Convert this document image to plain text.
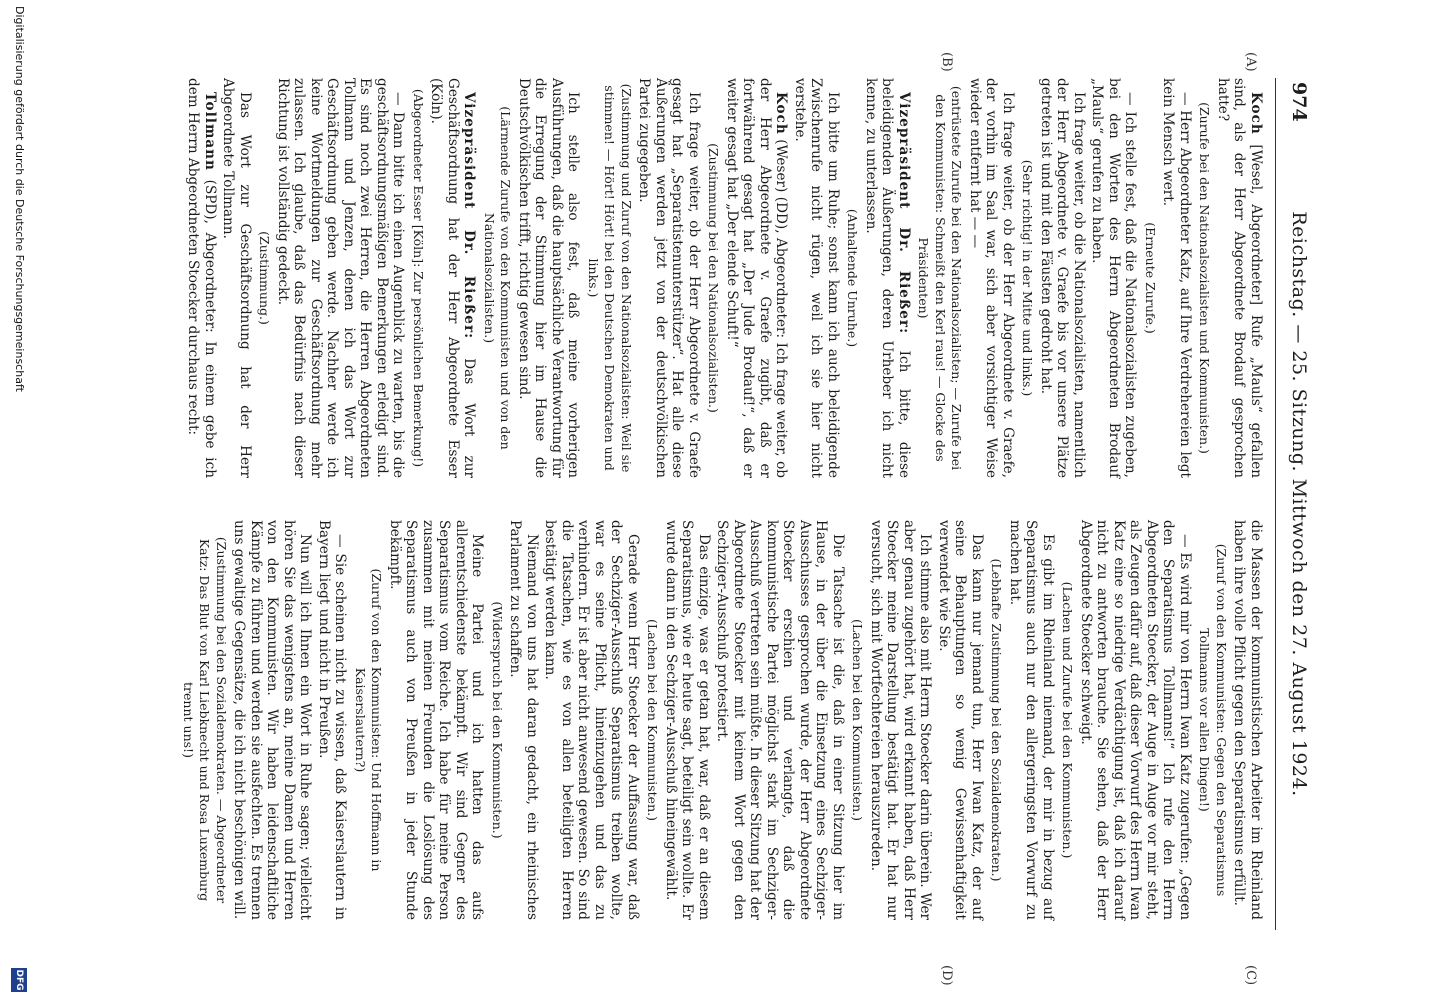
974
Reichstag. — 25. Sitzung. Mittwoch den 27. August 1924.
(A)
(B)
(C)
(D)

Koch [Wesel, Abgeordneter] Rufe „Mauls“ gefallen sind, als der Herr Abgeordnete Brodauf gesprochen hatte?

(Zurufe bei den Nationalsozialisten und Kommunisten.)

— Herr Abgeordneter Katz, auf Ihre Verdrehereien legt kein Mensch wert.

(Erneute Zurufe.)

— Ich stelle fest, daß die Nationalsozialisten zugeben, bei den Worten des Herrn Abgeordneten Brodauf „Mauls“ gerufen zu haben.

Ich frage weiter, ob die Nationalsozialisten, namentlich der Herr Abgeordnete v. Graefe bis vor unsere Plätze getreten ist und mit den Fäusten gedroht hat.

(Sehr richtig! in der Mitte und links.)

Ich frage weiter, ob der Herr Abgeordnete v. Graefe, der vorhin im Saal war, sich aber vorsichtiger Weise wieder entfernt hat — —

(entrüstete Zurufe bei den Nationalsozialisten; — Zurufe bei den Kommunisten: Schmeißt den Kerl raus! — Glocke des Präsidenten)

Vizepräsident Dr. Rießer: Ich bitte, diese beleidigenden Äußerungen, deren Urheber ich nicht kenne, zu unterlassen.

(Anhaltende Unruhe.)

Ich bitte um Ruhe; sonst kann ich auch beleidigende Zwischenrufe nicht rügen, weil ich sie hier nicht verstehe.

Koch (Weser) (DD), Abgeordneter: Ich frage weiter, ob der Herr Abgeordnete v. Graefe zugibt, daß er fortwährend gesagt hat „Der Jude Brodauf!“, daß er weiter gesagt hat „Der elende Schuft!“

(Zustimmung bei den Nationalsozialisten.)

Ich frage weiter, ob der Herr Abgeordnete v. Graefe gesagt hat „Separatistenunterstützer“. Hat alle diese Äußerungen werden jetzt von der deutschvölkischen Partei zugegeben.

(Zustimmung und Zuruf von den Nationalsozialisten: Weil sie stimmen! — Hört! Hört! bei den Deutschen Demokraten und links.)

Ich stelle also fest, daß meine vorherigen Ausführungen, daß die hauptsächliche Verantwortung für die Erregung der Stimmung hier im Hause die Deutschvölkischen trifft, richtig gewesen sind.

(Lärmende Zurufe von den Kommunisten und von den Nationalsozialisten.)

Vizepräsident Dr. Rießer: Das Wort zur Geschäftsordnung hat der Herr Abgeordnete Esser (Köln).

(Abgeordneter Esser [Köln]: Zur persönlichen Bemerkung!)

— Dann bitte ich einen Augenblick zu warten, bis die geschäftsordnungsmäßigen Bemerkungen erledigt sind. Es sind noch zwei Herren, die Herren Abgeordneten Tollmann und Jenzen, denen ich das Wort zur Geschäftsordnung geben werde. Nachher werde ich keine Wortmeldungen zur Geschäftsordnung mehr zulassen. Ich glaube, daß das Bedürfnis nach dieser Richtung ist vollständig gedeckt.

(Zustimmung.)

Das Wort zur Geschäftsordnung hat der Herr Abgeordnete Tollmann.

Tollmann (SPD), Abgeordneter: In einem gebe ich dem Herrn Abgeordneten Stoecker durchaus recht:

die Massen der kommunistischen Arbeiter im Rheinland haben ihre volle Pflicht gegen den Separatismus erfüllt.

(Zuruf von den Kommunisten: Gegen den Separatismus Tollmanns vor allen Dingen!)

— Es wird mir von Herrn Iwan Katz zugerufen: „Gegen den Separatismus Tollmanns!“ Ich rufe den Herrn Abgeordneten Stoecker, der Auge in Auge vor mir steht, als Zeugen dafür auf, daß dieser Vorwurf des Herrn Iwan Katz eine so niedrige Verdächtigung ist, daß ich darauf nicht zu antworten brauche. Sie sehen, daß der Herr Abgeordnete Stoecker schweigt.

(Lachen und Zurufe bei den Kommunisten.)

Es gibt im Rheinland niemand, der mir in bezug auf Separatismus auch nur den allergeringsten Vorwurf zu machen hat.

(Lebhafte Zustimmung bei den Sozialdemokraten.)

Das kann nur jemand tun, Herr Iwan Katz, der auf seine Behauptungen so wenig Gewissenhaftigkeit verwendet wie Sie.

Ich stimme also mit Herrn Stoecker darin überein. Wer aber genau zugehört hat, wird erkannt haben, daß Herr Stoecker meine Darstellung bestätigt hat. Er hat nur versucht, sich mit Wortfechtereien herauszureden.

(Lachen bei den Kommunisten.)

Die Tatsache ist die, daß in einer Sitzung hier im Hause, in der über die Einsetzung eines Sechziger-Ausschusses gesprochen wurde, der Herr Abgeordnete Stoecker erschien und verlangte, daß die kommunistische Partei möglichst stark im Sechziger-Ausschuß vertreten sein müßte. In dieser Sitzung hat der Abgeordnete Stoecker mit keinem Wort gegen den Sechziger-Ausschuß protestiert.

Das einzige, was er getan hat, war, daß er an diesem Separatismus, wie er heute sagt, beteiligt sein wollte. Er wurde dann in den Sechziger-Ausschuß hineingewählt.

(Lachen bei den Kommunisten.)

Gerade wenn Herr Stoecker der Auffassung war, daß der Sechziger-Ausschuß Separatismus treiben wollte, war es seine Pflicht, hineinzugehen und das zu verhindern. Er ist aber nicht anwesend gewesen. So sind die Tatsachen, wie es von allen beteiligten Herren bestätigt werden kann.

Niemand von uns hat daran gedacht, ein rheinisches Parlament zu schaffen.

(Widerspruch bei den Kommunisten.)

Meine Partei und ich hatten das aufs allerentschiedenste bekämpft. Wir sind Gegner des Separatismus vom Reiche. Ich habe für meine Person zusammen mit meinen Freunden die Loslösung des Separatismus auch von Preußen in jeder Stunde bekämpft.

(Zuruf von den Kommunisten: Und Hoffmann in Kaiserslautern?)

— Sie scheinen nicht zu wissen, daß Kaiserslautern in Bayern liegt und nicht in Preußen.

Nun will ich Ihnen ein Wort in Ruhe sagen; vielleicht hören Sie das wenigstens an, meine Damen und Herren von den Kommunisten. Wir haben leidenschaftliche Kämpfe zu führen und werden sie ausfechten. Es trennen uns gewaltige Gegensätze, die ich nicht beschönigen will.

(Zustimmung bei den Sozialdemokraten. — Abgeordneter Katz: Das Blut von Karl Liebknecht und Rosa Luxemburg trennt uns!)

Digitalisierung gefördert durch die Deutsche Forschungsgemeinschaft
DFG
